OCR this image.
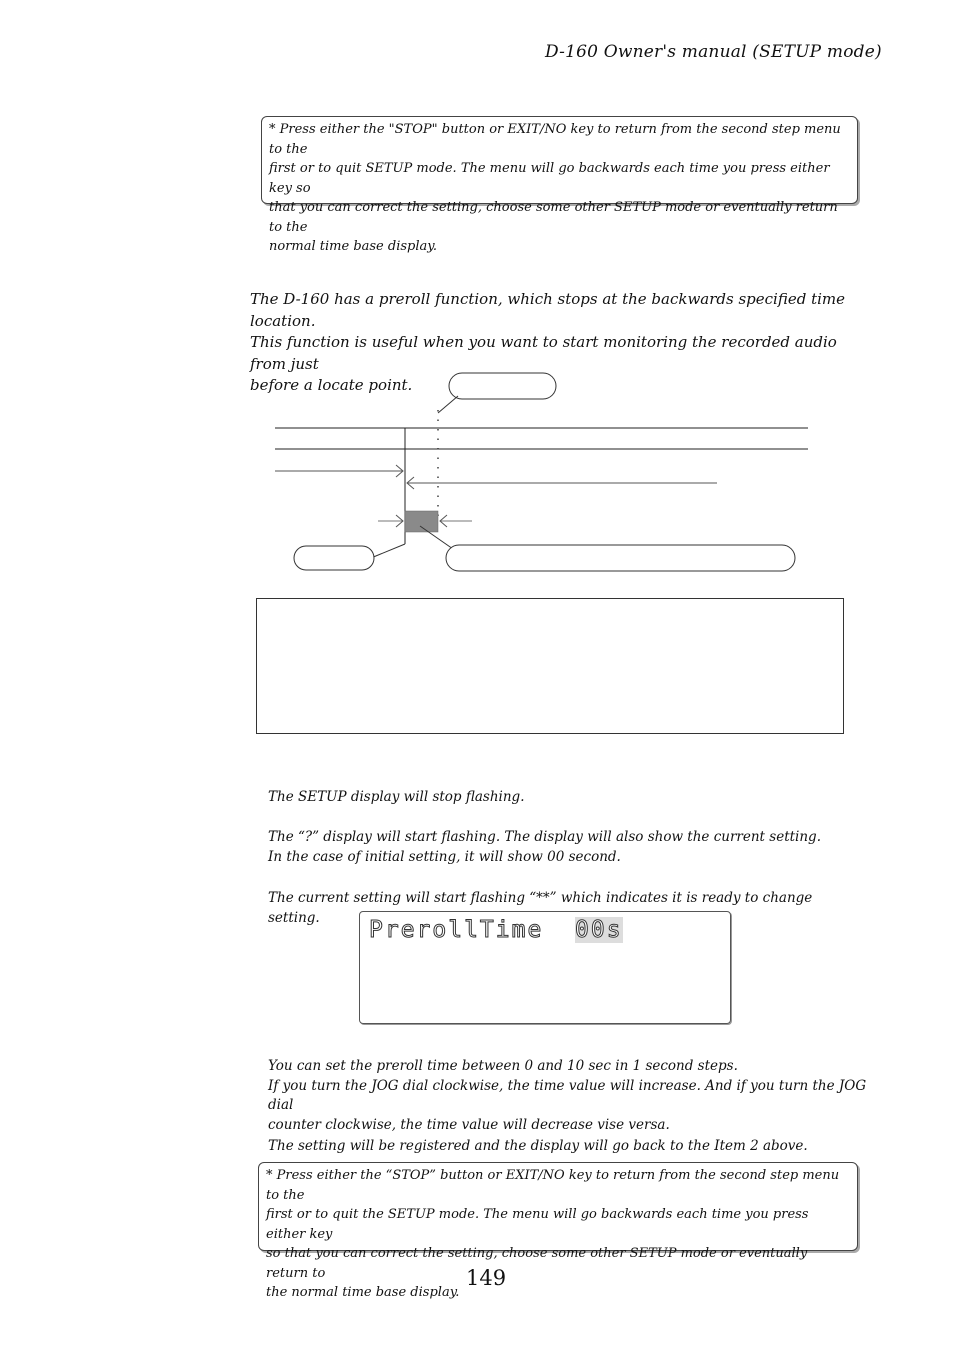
D-160 Owner's manual (SETUP mode)
* Press either the "STOP" button or EXIT/NO key to return from the second step menu to the
first or to quit SETUP mode. The menu will go backwards each time you press either key so
that you can correct the setting, choose some other SETUP mode or eventually return to the
normal time base display.
The D-160 has a preroll function, which stops at the backwards specified time location.
This function is useful when you want to start monitoring the recorded audio from just
before a locate point.
The SETUP display will stop flashing.
The “?” display will start flashing. The display will also show the current setting.
In the case of initial setting, it will show 00 second.
The current setting will start flashing “**” which indicates it is ready to change setting.	PrerollTime  00s
You can set the preroll time between 0 and 10 sec in 1 second steps.
If you turn the JOG dial clockwise, the time value will increase. And if you turn the JOG dial
counter clockwise, the time value will decrease vise versa.
The setting will be registered and the display will go back to the Item 2 above.
* Press either the “STOP” button or EXIT/NO key to return from the second step menu to the
first or to quit the SETUP mode. The menu will go backwards each time you press either key
so that you can correct the setting, choose some other SETUP mode or eventually return to
the normal time base display.
149
